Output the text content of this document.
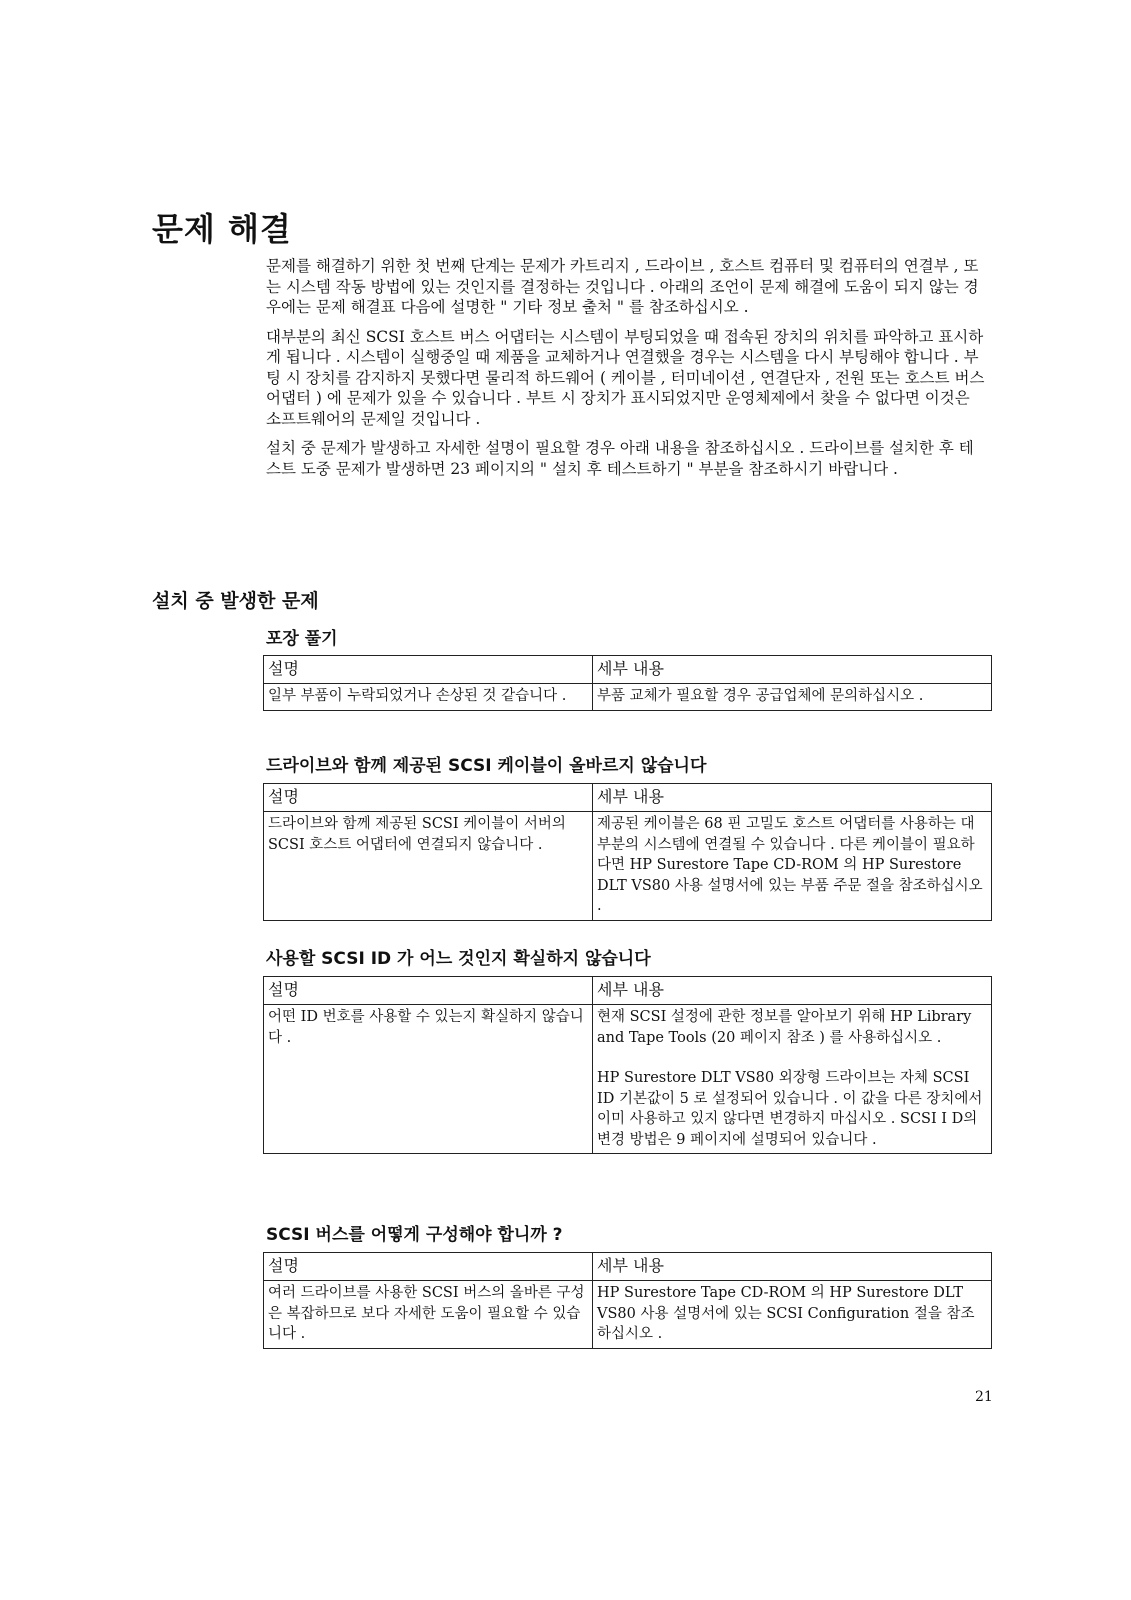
문제 해결

문제를 해결하기 위한 첫 번째 단계는 문제가 카트리지 , 드라이브 , 호스트 컴퓨터 및 컴퓨터의 연결부 , 또는 시스템 작동 방법에 있는 것인지를 결정하는 것입니다 . 아래의 조언이 문제 해결에 도움이 되지 않는 경우에는 문제 해결표 다음에 설명한 " 기타 정보 출처 " 를 참조하십시오 .

대부분의 최신 SCSI 호스트 버스 어댑터는 시스템이 부팅되었을 때 접속된 장치의 위치를 파악하고 표시하게 됩니다 . 시스템이 실행중일 때 제품을 교체하거나 연결했을 경우는 시스템을 다시 부팅해야 합니다 . 부팅 시 장치를 감지하지 못했다면 물리적 하드웨어 ( 케이블 , 터미네이션 , 연결단자 , 전원 또는 호스트 버스 어댑터 ) 에 문제가 있을 수 있습니다 . 부트 시 장치가 표시되었지만 운영체제에서 찾을 수 없다면 이것은 소프트웨어의 문제일 것입니다 .

설치 중 문제가 발생하고 자세한 설명이 필요할 경우 아래 내용을 참조하십시오 . 드라이브를 설치한 후 테스트 도중 문제가 발생하면 23 페이지의 " 설치 후 테스트하기 " 부분을 참조하시기 바랍니다 .

설치 중 발생한 문제
포장 풀기
설명	세부 내용
일부 부품이 누락되었거나 손상된 것 같습니다 .	부품 교체가 필요할 경우 공급업체에 문의하십시오 .
드라이브와 함께 제공된 SCSI 케이블이 올바르지 않습니다
설명	세부 내용
드라이브와 함께 제공된 SCSI 케이블이 서버의 SCSI 호스트 어댑터에 연결되지 않습니다 .	제공된 케이블은 68 핀 고밀도 호스트 어댑터를 사용하는 대부분의 시스템에 연결될 수 있습니다 . 다른 케이블이 필요하다면 HP Surestore Tape CD-ROM 의 HP Surestore DLT VS80 사용 설명서에 있는 부품 주문 절을 참조하십시오 .
사용할 SCSI ID 가 어느 것인지 확실하지 않습니다
설명	세부 내용
어떤 ID 번호를 사용할 수 있는지 확실하지 않습니다 .	현재 SCSI 설정에 관한 정보를 알아보기 위해 HP Library and Tape Tools (20 페이지 참조 ) 를 사용하십시오 .
HP Surestore DLT VS80 외장형 드라이브는 자체 SCSI ID 기본값이 5 로 설정되어 있습니다 . 이 값을 다른 장치에서 이미 사용하고 있지 않다면 변경하지 마십시오 . SCSI I D의 변경 방법은 9 페이지에 설명되어 있습니다 .
SCSI 버스를 어떻게 구성해야 합니까 ?
설명	세부 내용
여러 드라이브를 사용한 SCSI 버스의 올바른 구성은 복잡하므로 보다 자세한 도움이 필요할 수 있습니다 .	HP Surestore Tape CD-ROM 의 HP Surestore DLT VS80 사용 설명서에 있는 SCSI Configuration 절을 참조하십시오 .
21
